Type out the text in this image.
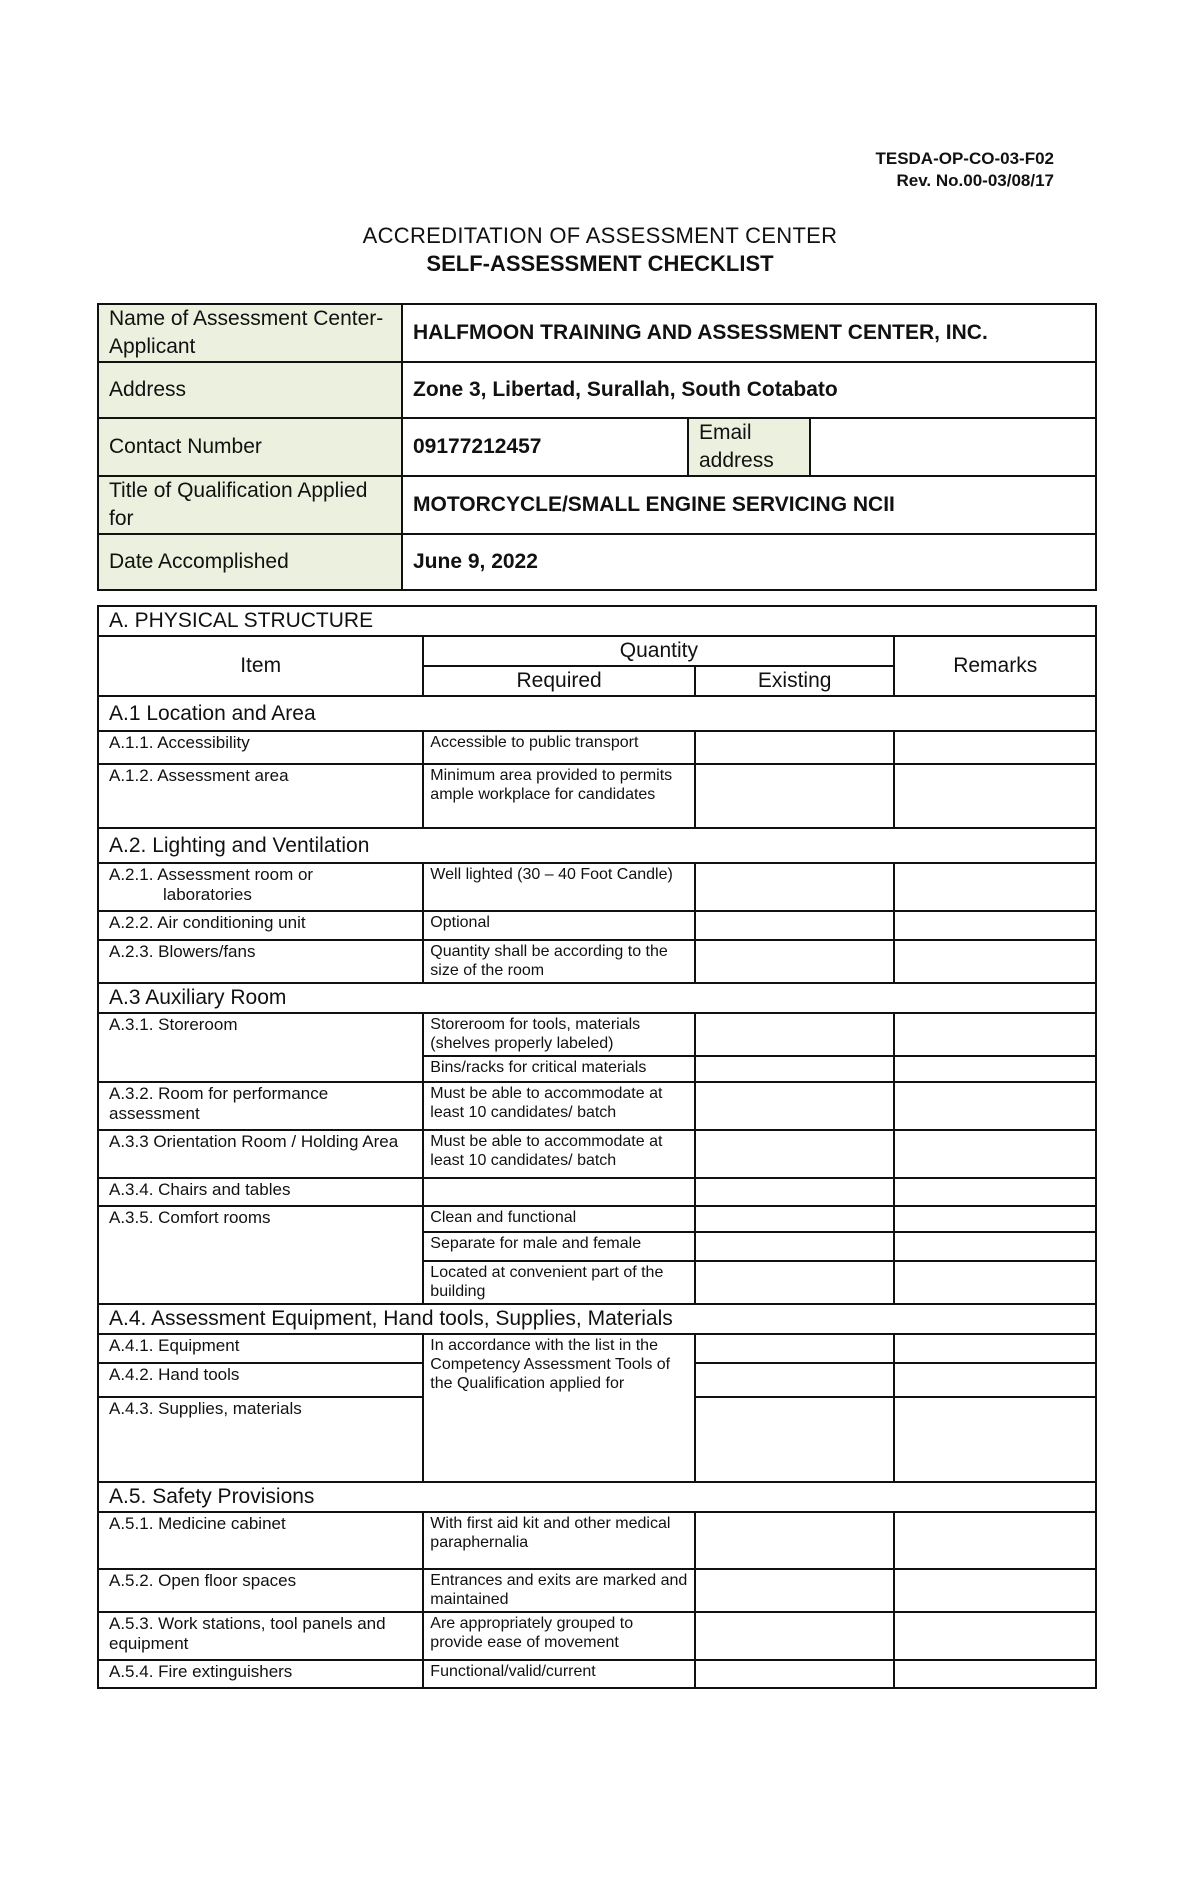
TESDA-OP-CO-03-F02
Rev. No.00-03/08/17
ACCREDITATION OF ASSESSMENT CENTER
SELF-ASSESSMENT CHECKLIST
Name of Assessment Center-Applicant	HALFMOON TRAINING AND ASSESSMENT CENTER, INC.		
Address	Zone 3, Libertad, Surallah, South Cotabato		
Contact Number	09177212457	Email address	
Title of Qualification Applied for	MOTORCYCLE/SMALL ENGINE SERVICING NCII		
Date Accomplished	June 9, 2022		
A. PHYSICAL STRUCTURE			
Item	Quantity		Remarks
	Required	Existing	
A.1 Location and Area			
A.1.1. Accessibility	Accessible to public transport		
A.1.2. Assessment area	Minimum area provided to permits ample workplace for candidates		
A.2. Lighting and Ventilation			

A.2.1. Assessment room or
laboratories	Well lighted (30 – 40 Foot Candle)		
A.2.2. Air conditioning unit	Optional		
A.2.3. Blowers/fans	Quantity shall be according to the size of the room		
A.3 Auxiliary Room			
A.3.1. Storeroom	Storeroom for tools, materials (shelves properly labeled)		
	Bins/racks for critical materials		
A.3.2. Room for performance assessment	Must be able to accommodate at least 10 candidates/ batch		
A.3.3 Orientation Room / Holding Area	Must be able to accommodate at least 10 candidates/ batch		
A.3.4. Chairs and tables			
A.3.5. Comfort rooms	Clean and functional		
	Separate for male and female		
	Located at convenient part of the building		
A.4. Assessment Equipment, Hand tools, Supplies, Materials			
A.4.1. Equipment	In accordance with the list in the Competency Assessment Tools of the Qualification applied for		
A.4.2. Hand tools			
A.4.3. Supplies, materials			
A.5. Safety Provisions			
A.5.1. Medicine cabinet	With first aid kit and other medical paraphernalia		
A.5.2. Open floor spaces	Entrances and exits are marked and maintained		
A.5.3. Work stations, tool panels and equipment	Are appropriately grouped to provide ease of movement		
A.5.4. Fire extinguishers	Functional/valid/current		
